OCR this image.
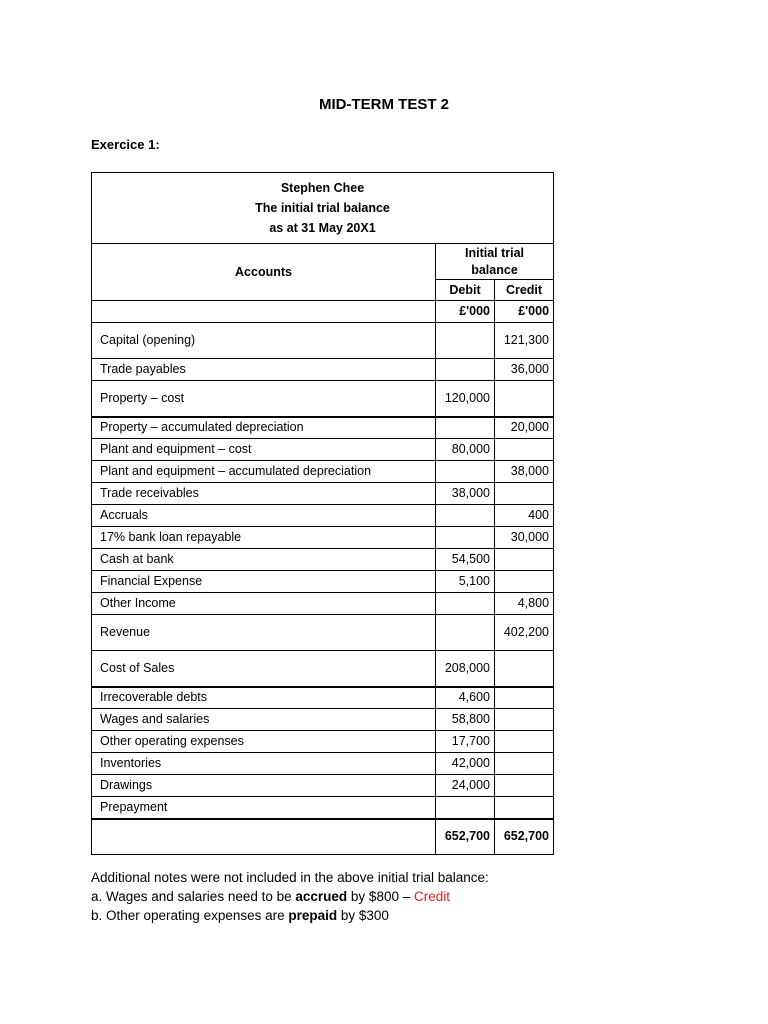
MID-TERM TEST 2
Exercice 1:
Stephen Chee
The initial trial balance
as at 31 May 20X1		

Accounts	Initial trial balance	
	Debit	Credit
	£'000	£'000
Capital (opening)		121,300
Trade payables		36,000
Property – cost	120,000	
Property – accumulated depreciation		20,000
Plant and equipment – cost	80,000	
Plant and equipment – accumulated depreciation		38,000
Trade receivables	38,000	
Accruals		400
17% bank loan repayable		30,000
Cash at bank	54,500	
Financial Expense	5,100	
Other Income		4,800
Revenue		402,200
Cost of Sales	208,000	
Irrecoverable debts	4,600	
Wages and salaries	58,800	
Other operating expenses	17,700	
Inventories	42,000	
Drawings	24,000	
Prepayment		
	652,700	652,700
Additional notes were not included in the above initial trial balance:
a. Wages and salaries need to be accrued by $800 – Credit
b. Other operating expenses are prepaid by $300
